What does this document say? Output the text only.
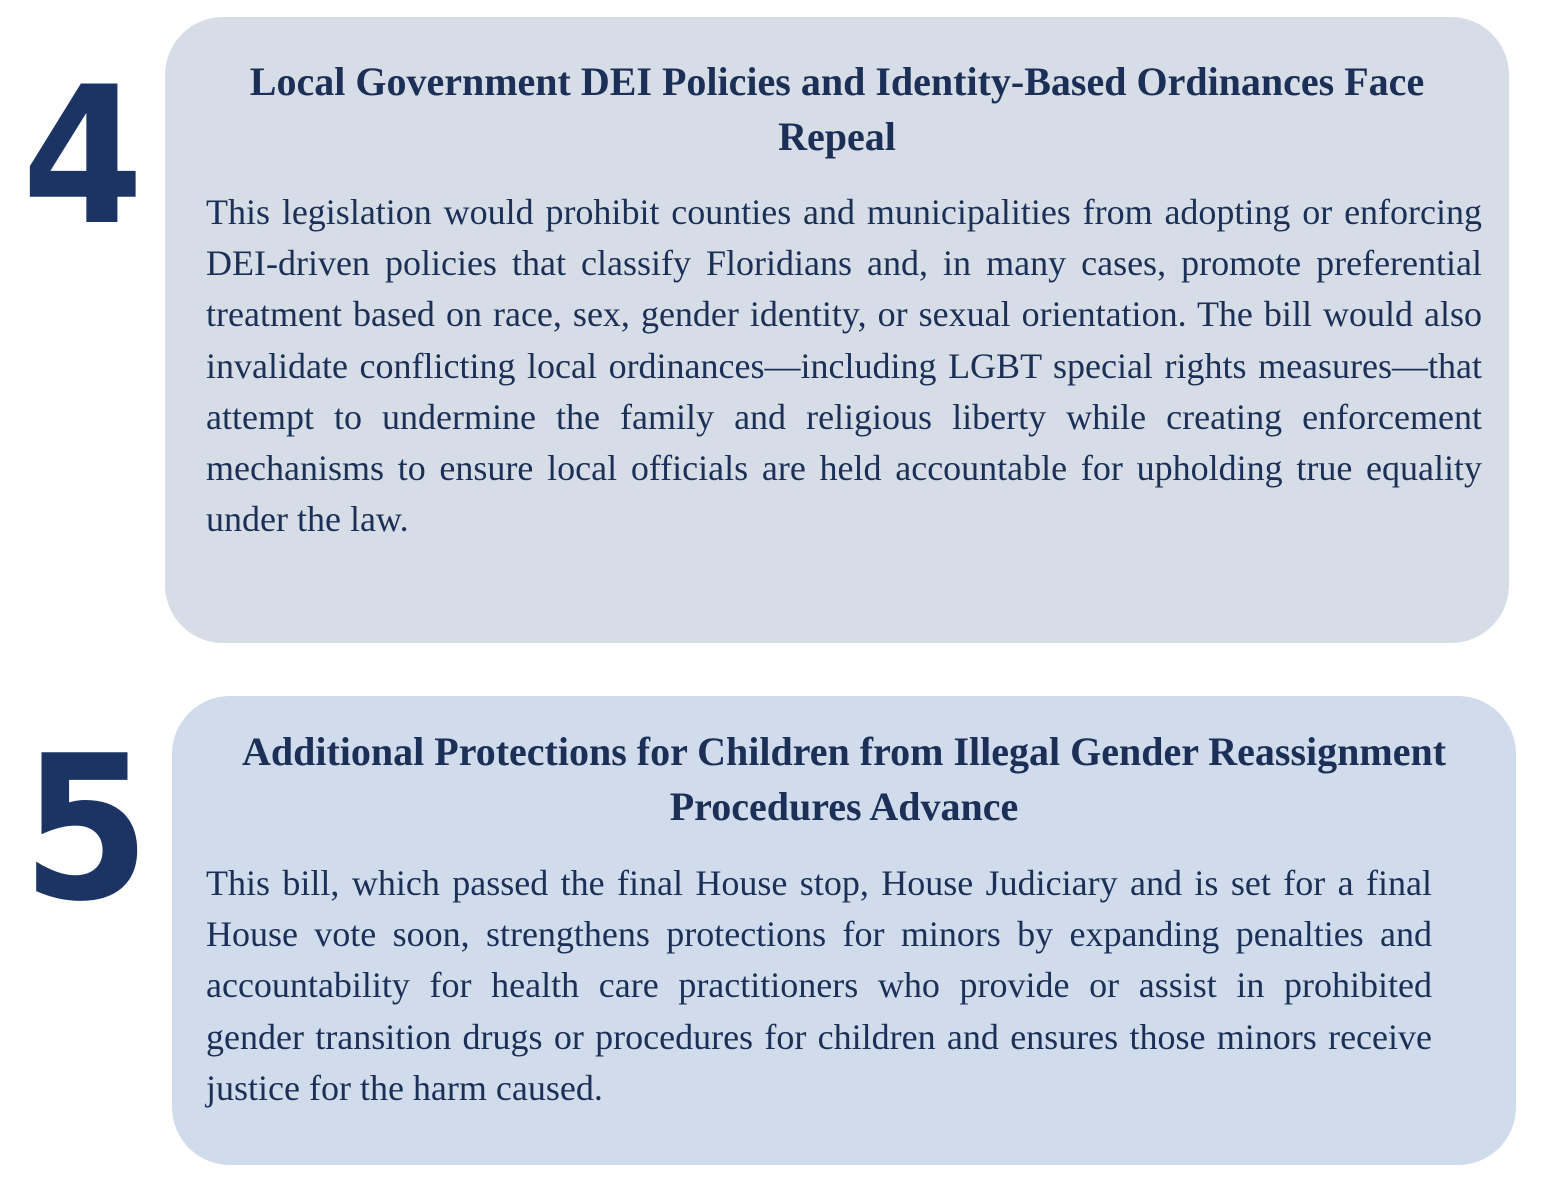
4	Local Government DEI Policies and Identity-Based Ordinances Face Repeal
This legislation would prohibit counties and municipalities from adopting or enforcing DEI-driven policies that classify Floridians and, in many cases, promote preferential treatment based on race, sex, gender identity, or sexual orientation. The bill would also invalidate conflicting local ordinances—including LGBT special rights measures—that attempt to undermine the family and religious liberty while creating enforcement mechanisms to ensure local officials are held accountable for upholding true equality under the law.
5 Additional Protections for Children from Illegal Gender Reassignment Procedures Advance
This bill, which passed the final House stop, House Judiciary and is set for a final House vote soon, strengthens protections for minors by expanding penalties and accountability for health care practitioners who provide or assist in prohibited gender transition drugs or procedures for children and ensures those minors receive justice for the harm caused.
